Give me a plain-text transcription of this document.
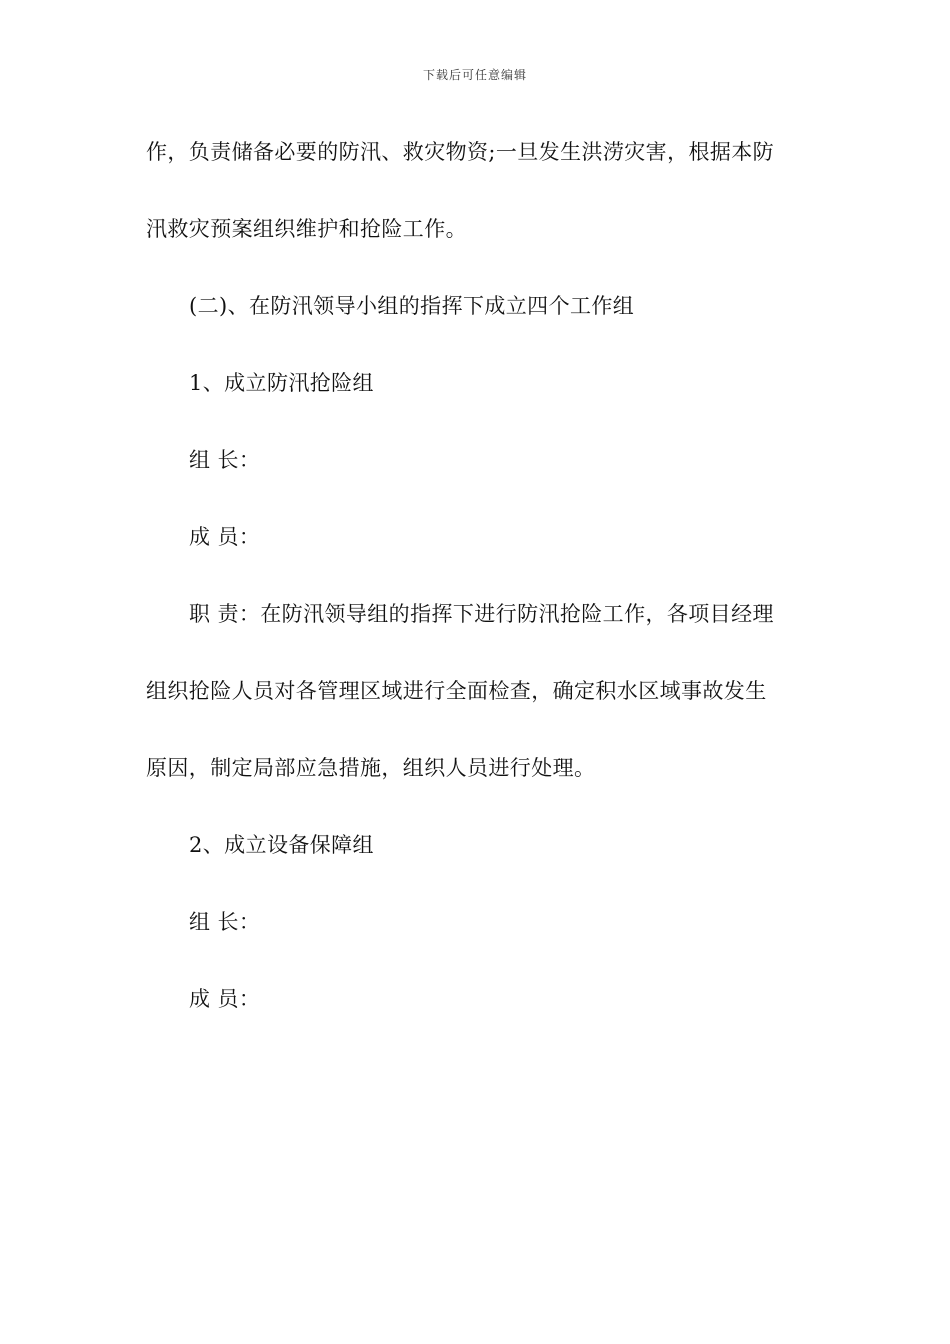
下载后可任意编辑
作，负责储备必要的防汛、救灾物资;一旦发生洪涝灾害，根据本防
汛救灾预案组织维护和抢险工作。
(二)、在防汛领导小组的指挥下成立四个工作组
1、成立防汛抢险组
组 长：
成 员：
职 责：在防汛领导组的指挥下进行防汛抢险工作，各项目经理
组织抢险人员对各管理区域进行全面检查，确定积水区域事故发生
原因，制定局部应急措施，组织人员进行处理。
2、成立设备保障组
组 长：
成 员：
